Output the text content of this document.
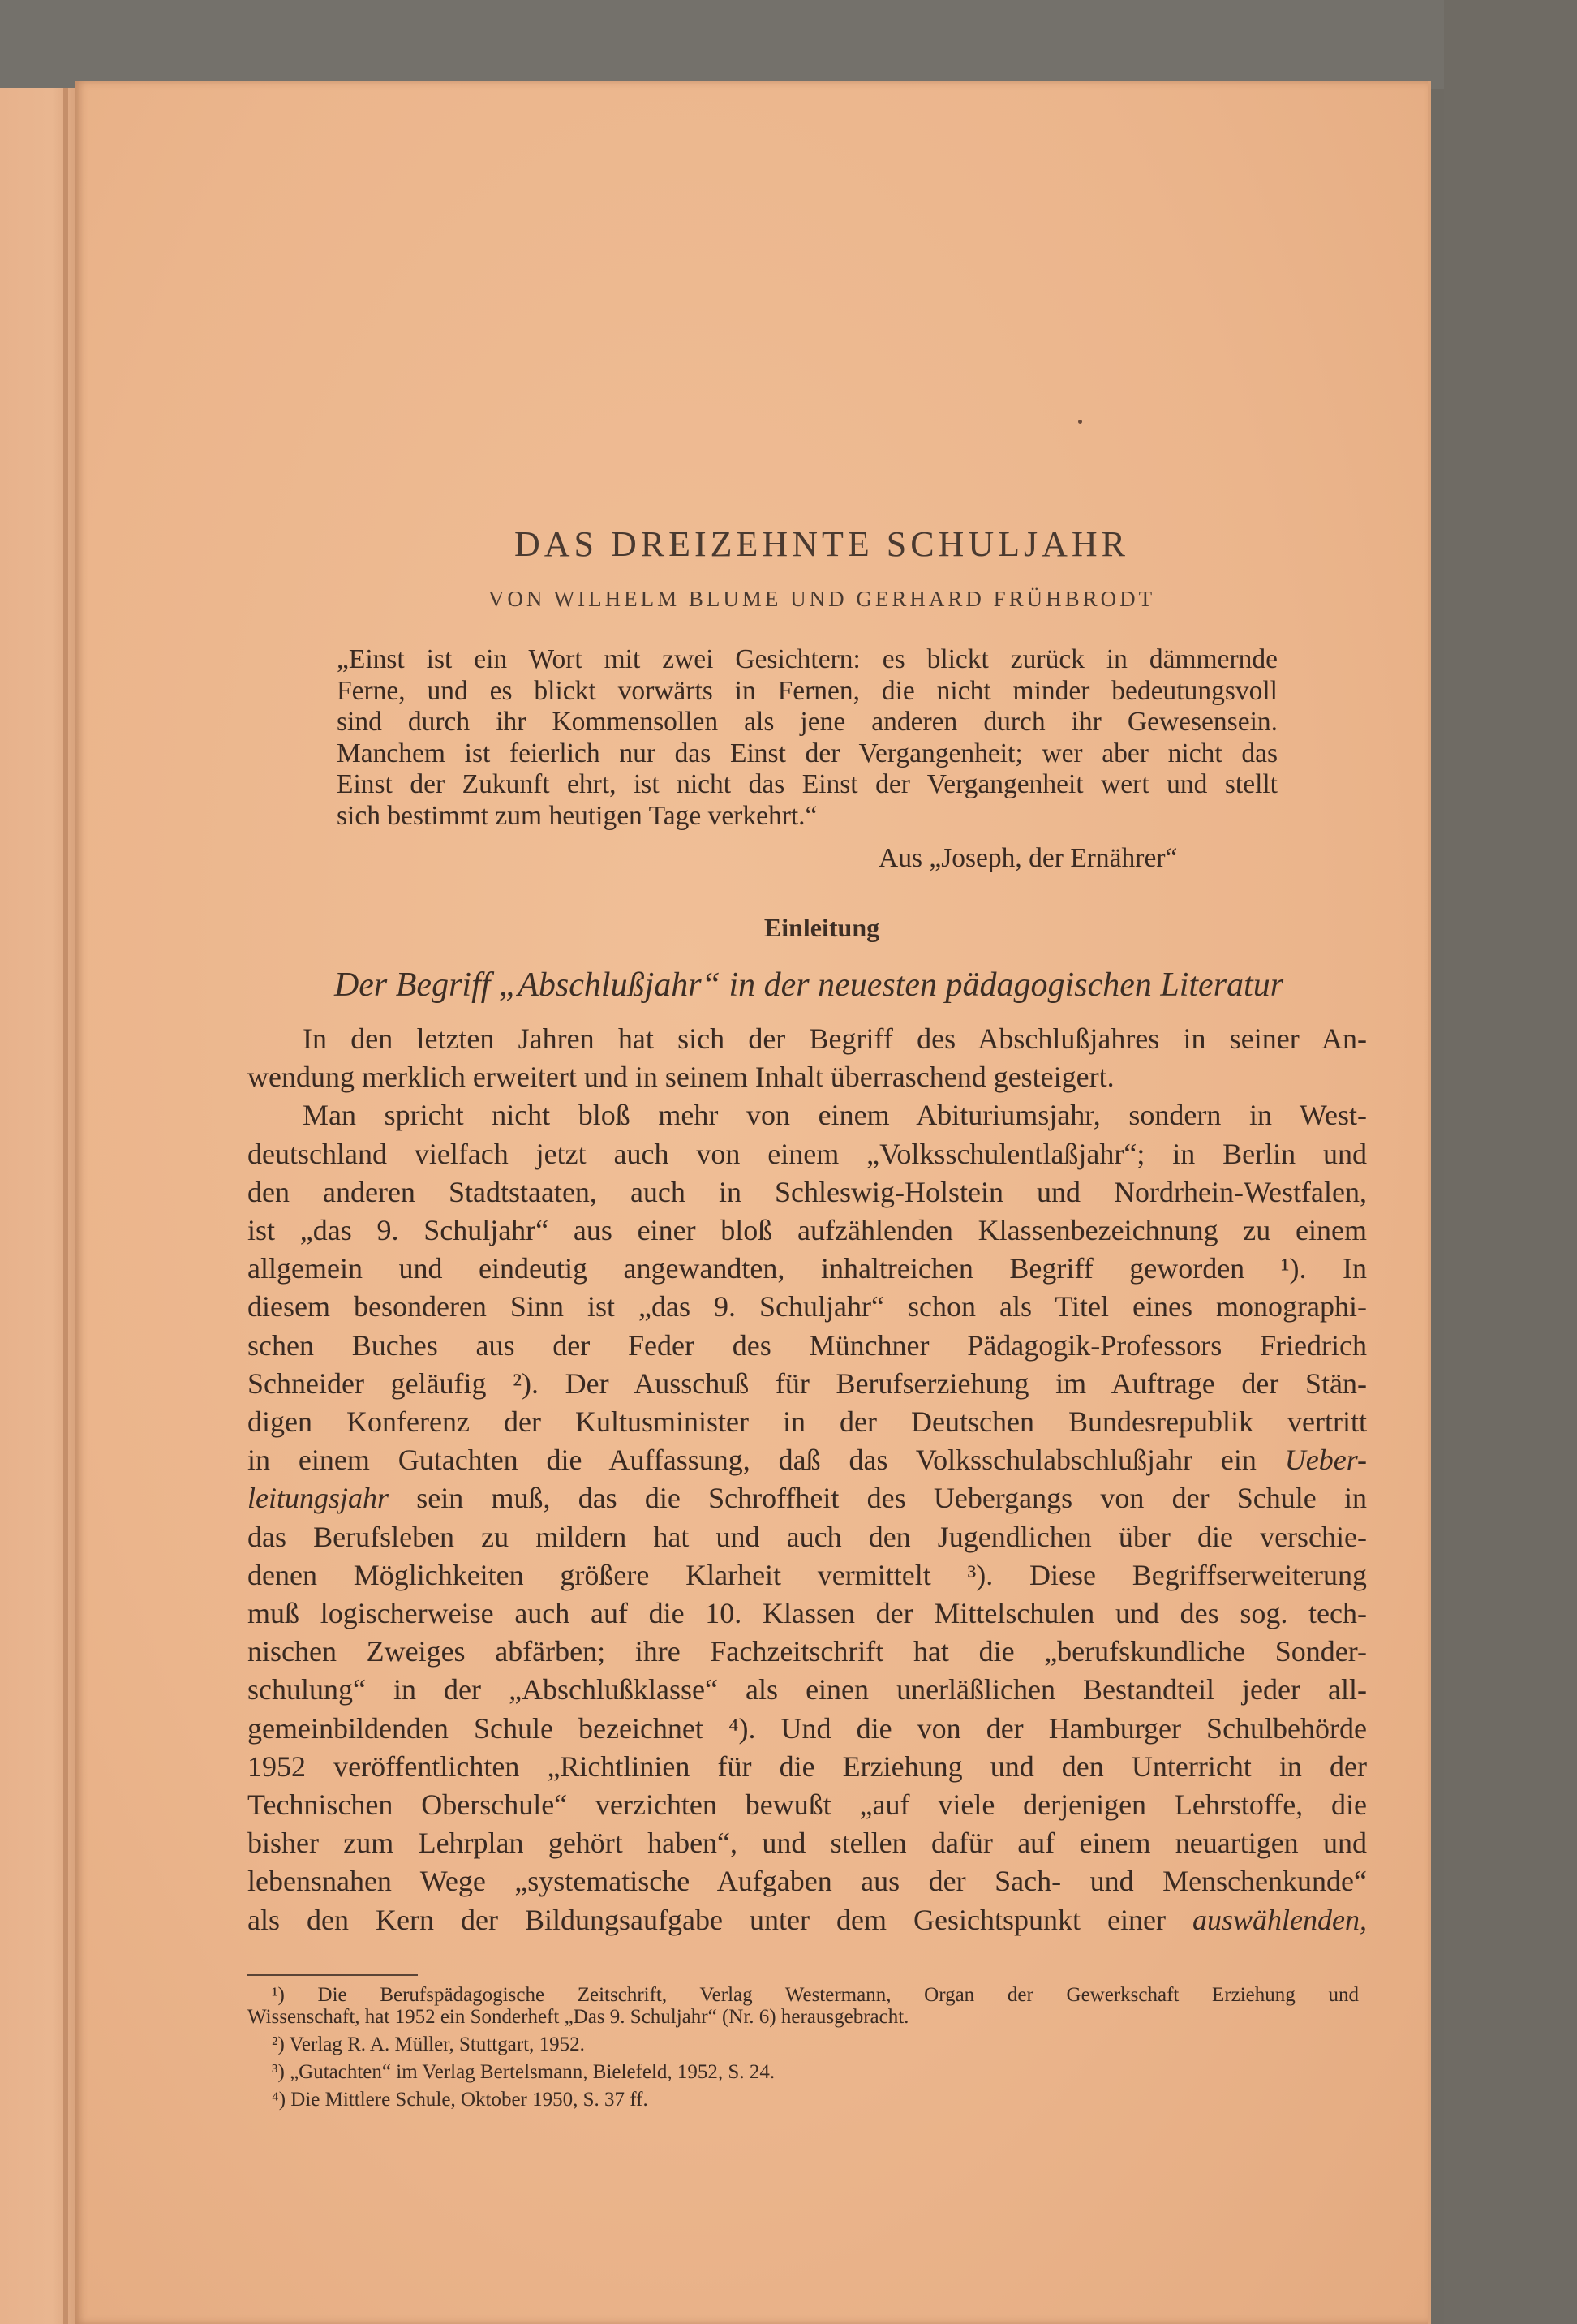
DAS DREIZEHNTE SCHULJAHR
VON WILHELM BLUME UND GERHARD FRÜHBRODT
„Einst ist ein Wort mit zwei Gesichtern: es blickt zurück in dämmernde
Ferne, und es blickt vorwärts in Fernen, die nicht minder bedeutungsvoll
sind durch ihr Kommensollen als jene anderen durch ihr Gewesensein.
Manchem ist feierlich nur das Einst der Vergangenheit; wer aber nicht das
Einst der Zukunft ehrt, ist nicht das Einst der Vergangenheit wert und stellt
sich bestimmt zum heutigen Tage verkehrt.“
Aus „Joseph, der Ernährer“
Einleitung
Der Begriff „Abschlußjahr“ in der neuesten pädagogischen Literatur
In den letzten Jahren hat sich der Begriff des Abschlußjahres in seiner An-
wendung merklich erweitert und in seinem Inhalt überraschend gesteigert.
Man spricht nicht bloß mehr von einem Abituriumsjahr, sondern in West-
deutschland vielfach jetzt auch von einem „Volksschulentlaßjahr“; in Berlin und
den anderen Stadtstaaten, auch in Schleswig-Holstein und Nordrhein-Westfalen,
ist „das 9. Schuljahr“ aus einer bloß aufzählenden Klassenbezeichnung zu einem
allgemein und eindeutig angewandten, inhaltreichen Begriff geworden ¹). In
diesem besonderen Sinn ist „das 9. Schuljahr“ schon als Titel eines monographi-
schen Buches aus der Feder des Münchner Pädagogik-Professors Friedrich
Schneider geläufig ²). Der Ausschuß für Berufserziehung im Auftrage der Stän-
digen Konferenz der Kultusminister in der Deutschen Bundesrepublik vertritt
in einem Gutachten die Auffassung, daß das Volksschulabschlußjahr ein Ueber-
leitungsjahr sein muß, das die Schroffheit des Uebergangs von der Schule in
das Berufsleben zu mildern hat und auch den Jugendlichen über die verschie-
denen Möglichkeiten größere Klarheit vermittelt ³). Diese Begriffserweiterung
muß logischerweise auch auf die 10. Klassen der Mittelschulen und des sog. tech-
nischen Zweiges abfärben; ihre Fachzeitschrift hat die „berufskundliche Sonder-
schulung“ in der „Abschlußklasse“ als einen unerläßlichen Bestandteil jeder all-
gemeinbildenden Schule bezeichnet ⁴). Und die von der Hamburger Schulbehörde
1952 veröffentlichten „Richtlinien für die Erziehung und den Unterricht in der
Technischen Oberschule“ verzichten bewußt „auf viele derjenigen Lehrstoffe, die
bisher zum Lehrplan gehört haben“, und stellen dafür auf einem neuartigen und
lebensnahen Wege „systematische Aufgaben aus der Sach- und Menschenkunde“
als den Kern der Bildungsaufgabe unter dem Gesichtspunkt einer auswählenden,
¹) Die Berufspädagogische Zeitschrift, Verlag Westermann, Organ der Gewerkschaft Erziehung und
Wissenschaft, hat 1952 ein Sonderheft „Das 9. Schuljahr“ (Nr. 6) herausgebracht.
²) Verlag R. A. Müller, Stuttgart, 1952.
³) „Gutachten“ im Verlag Bertelsmann, Bielefeld, 1952, S. 24.
⁴) Die Mittlere Schule, Oktober 1950, S. 37 ff.
